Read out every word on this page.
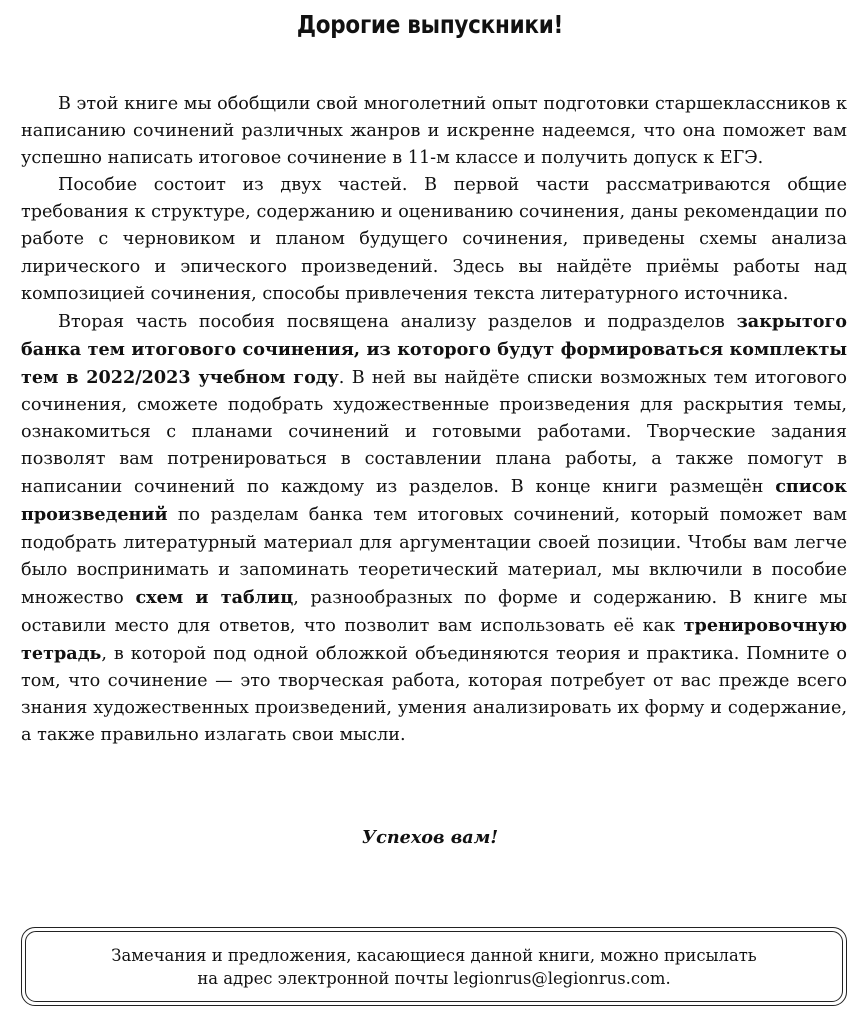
Дорогие выпускники!

В этой книге мы обобщили свой многолетний опыт подготовки старшеклассников к написанию сочинений различных жанров и искренне надеемся, что она поможет вам успешно написать итоговое сочинение в 11-м классе и получить допуск к ЕГЭ.

Пособие состоит из двух частей. В первой части рассматриваются общие требования к структуре, содержанию и оцениванию сочинения, даны рекомендации по работе с черновиком и планом будущего сочинения, приведены схемы анализа лирического и эпического произведений. Здесь вы найдёте приёмы работы над композицией сочинения, способы привлечения текста литературного источника.

Вторая часть пособия посвящена анализу разделов и подразделов закрытого банка тем итогового сочинения, из которого будут формироваться комплекты тем в 2022/2023 учебном году. В ней вы найдёте списки возможных тем итогового сочинения, сможете подобрать художественные произведения для раскрытия темы, ознакомиться с планами сочинений и готовыми работами. Творческие задания позволят вам потренироваться в составлении плана работы, а также помогут в написании сочинений по каждому из разделов. В конце книги размещён список произведений по разделам банка тем итоговых сочинений, который поможет вам подобрать литературный материал для аргументации своей позиции. Чтобы вам легче было воспринимать и запоминать теоретический материал, мы включили в пособие множество схем и таблиц, разнообразных по форме и содержанию. В книге мы оставили место для ответов, что позволит вам использовать её как тренировочную тетрадь, в которой под одной обложкой объединяются теория и практика. Помните о том, что сочинение — это творческая работа, которая потребует от вас прежде всего знания художественных произведений, умения анализировать их форму и содержание, а также правильно излагать свои мысли.

Успехов вам!

Замечания и предложения, касающиеся данной книги, можно присылать
на адрес электронной почты legionrus@legionrus.com.
